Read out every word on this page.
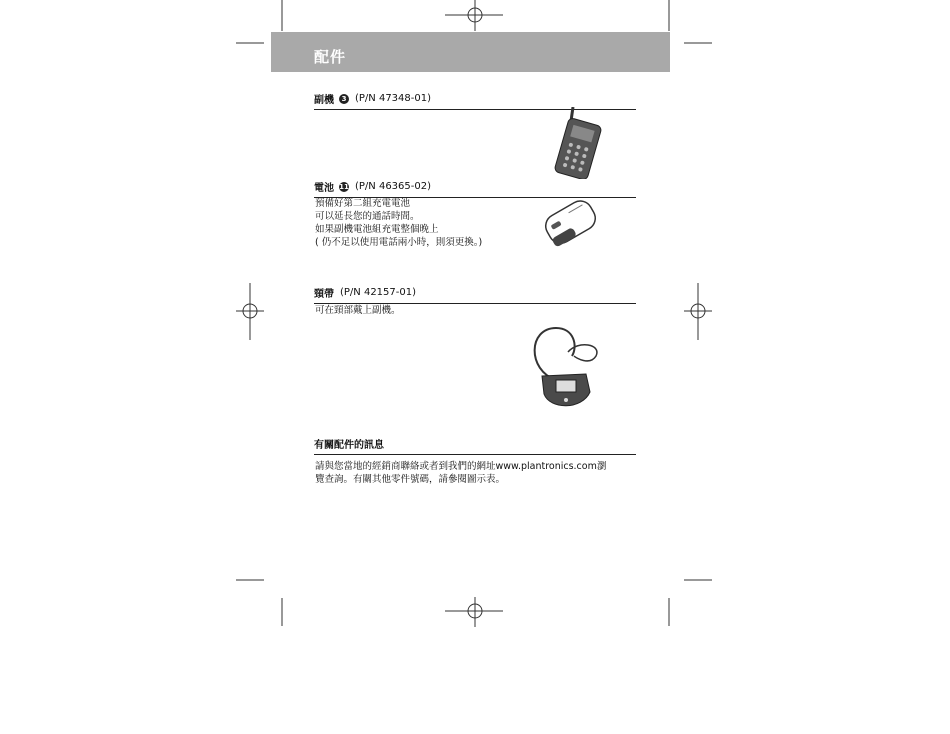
配件
副機	3 (P/N 47348-01)
電池 11 (P/N 46365-02)
預備好第二組充電電池
可以延長您的通話時間。
如果副機電池組充電整個晚上
( 仍不足以使用電話兩小時，則須更換。)
頸帶 (P/N 42157-01)
可在頸部戴上副機。
有關配件的訊息
請與您當地的經銷商聯絡或者到我們的網址www.plantronics.com瀏
覽查詢。有關其他零件號碼，請參閱圖示表。
